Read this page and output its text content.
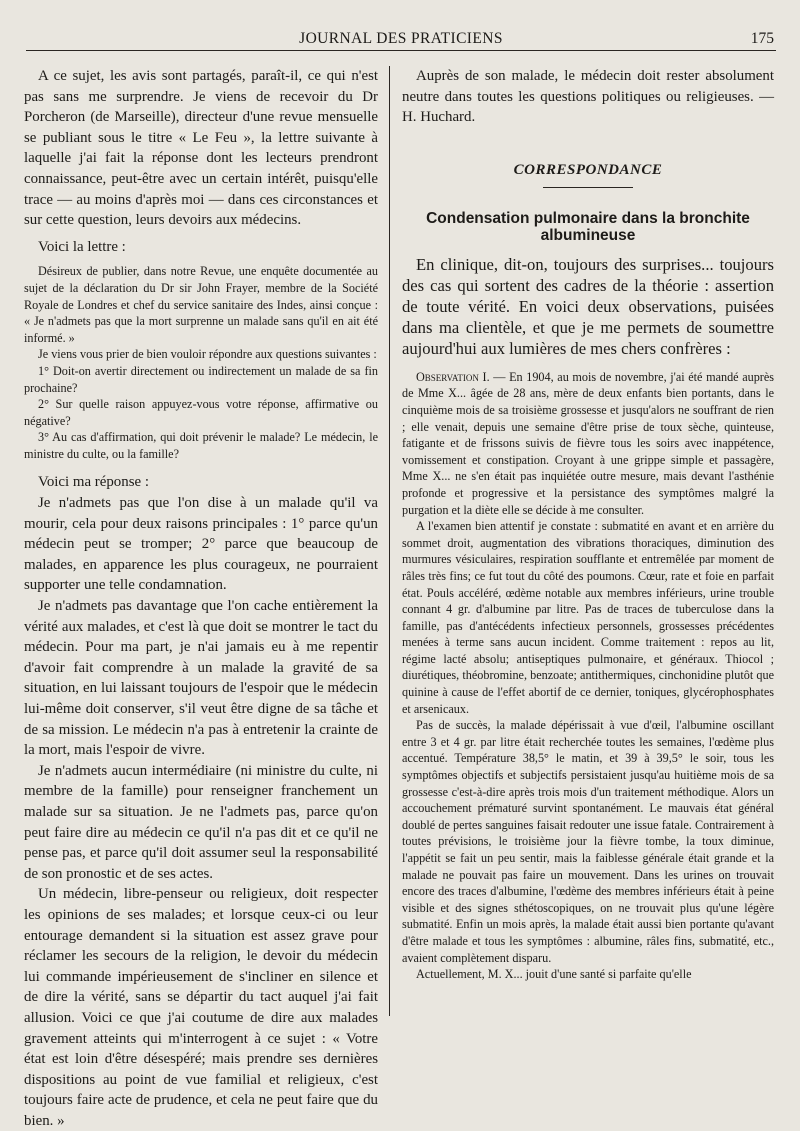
JOURNAL DES PRATICIENS	175

A ce sujet, les avis sont partagés, paraît-il, ce qui n'est pas sans me surprendre. Je viens de recevoir du Dr Porcheron (de Marseille), directeur d'une revue mensuelle se publiant sous le titre « Le Feu », la lettre suivante à laquelle j'ai fait la réponse dont les lecteurs prendront connaissance, peut-être avec un certain intérêt, puisqu'elle trace — au moins d'après moi — dans ces circonstances et sur cette question, leurs devoirs aux médecins.

Voici la lettre :

Désireux de publier, dans notre Revue, une enquête documentée au sujet de la déclaration du Dr sir John Frayer, membre de la Société Royale de Londres et chef du service sanitaire des Indes, ainsi conçue : « Je n'admets pas que la mort surprenne un malade sans qu'il en ait été informé. »

Je viens vous prier de bien vouloir répondre aux questions suivantes :

1° Doit-on avertir directement ou indirectement un malade de sa fin prochaine?

2° Sur quelle raison appuyez-vous votre réponse, affirmative ou négative?

3° Au cas d'affirmation, qui doit prévenir le malade? Le médecin, le ministre du culte, ou la famille?

Voici ma réponse :

Je n'admets pas que l'on dise à un malade qu'il va mourir, cela pour deux raisons principales : 1° parce qu'un médecin peut se tromper; 2° parce que beaucoup de malades, en apparence les plus courageux, ne pourraient supporter une telle condamnation.

Je n'admets pas davantage que l'on cache entièrement la vérité aux malades, et c'est là que doit se montrer le tact du médecin. Pour ma part, je n'ai jamais eu à me repentir d'avoir fait comprendre à un malade la gravité de sa situation, en lui laissant toujours de l'espoir que le médecin lui-même doit conserver, s'il veut être digne de sa tâche et de sa mission. Le médecin n'a pas à entretenir la crainte de la mort, mais l'espoir de vivre.

Je n'admets aucun intermédiaire (ni ministre du culte, ni membre de la famille) pour renseigner franchement un malade sur sa situation. Je ne l'admets pas, parce qu'on peut faire dire au médecin ce qu'il n'a pas dit et ce qu'il ne pense pas, et parce qu'il doit assumer seul la responsabilité de son pronostic et de ses actes.

Un médecin, libre-penseur ou religieux, doit respecter les opinions de ses malades; et lorsque ceux-ci ou leur entourage demandent si la situation est assez grave pour réclamer les secours de la religion, le devoir du médecin lui commande impérieusement de s'incliner en silence et de dire la vérité, sans se départir du tact auquel j'ai fait allusion. Voici ce que j'ai coutume de dire aux malades gravement atteints qui m'interrogent à ce sujet : « Votre état est loin d'être désespéré; mais prendre ses dernières dispositions au point de vue familial et religieux, c'est toujours faire acte de prudence, et cela ne peut faire que du bien. »

Auprès de son malade, le médecin doit rester absolument neutre dans toutes les questions politiques ou religieuses. — H. Huchard.

CORRESPONDANCE
Condensation pulmonaire dans la bronchite albumineuse

En clinique, dit-on, toujours des surprises... toujours des cas qui sortent des cadres de la théorie : assertion de toute vérité. En voici deux observations, puisées dans ma clientèle, et que je me permets de soumettre aujourd'hui aux lumières de mes chers confrères :

Observation I. — En 1904, au mois de novembre, j'ai été mandé auprès de Mme X... âgée de 28 ans, mère de deux enfants bien portants, dans le cinquième mois de sa troisième grossesse et jusqu'alors ne souffrant de rien ; elle venait, depuis une semaine d'être prise de toux sèche, quinteuse, fatigante et de frissons suivis de fièvre tous les soirs avec inappétence, vomissement et constipation. Croyant à une grippe simple et passagère, Mme X... ne s'en était pas inquiétée outre mesure, mais devant l'asthénie profonde et progressive et la persistance des symptômes malgré la purgation et la diète elle se décide à me consulter.

A l'examen bien attentif je constate : submatité en avant et en arrière du sommet droit, augmentation des vibrations thoraciques, diminution des murmures vésiculaires, respiration soufflante et entremêlée par moment de râles très fins; ce fut tout du côté des poumons. Cœur, rate et foie en parfait état. Pouls accéléré, œdème notable aux membres inférieurs, urine trouble connant 4 gr. d'albumine par litre. Pas de traces de tuberculose dans la famille, pas d'antécédents infectieux personnels, grossesses précédentes menées à terme sans aucun incident. Comme traitement : repos au lit, régime lacté absolu; antiseptiques pulmonaire, et généraux. Thiocol ; diurétiques, théobromine, benzoate; antithermiques, cinchonidine plutôt que quinine à cause de l'effet abortif de ce dernier, toniques, glycérophosphates et arsenicaux.

Pas de succès, la malade dépérissait à vue d'œil, l'albumine oscillant entre 3 et 4 gr. par litre était recherchée toutes les semaines, l'œdème plus accentué. Température 38,5° le matin, et 39 à 39,5° le soir, tous les symptômes objectifs et subjectifs persistaient jusqu'au huitième mois de sa grossesse c'est-à-dire après trois mois d'un traitement méthodique. Alors un accouchement prématuré survint spontanément. Le mauvais état général doublé de pertes sanguines faisait redouter une issue fatale. Contrairement à toutes prévisions, le troisième jour la fièvre tombe, la toux diminue, l'appétit se fait un peu sentir, mais la faiblesse générale était grande et la malade ne pouvait pas faire un mouvement. Dans les urines on trouvait encore des traces d'albumine, l'œdème des membres inférieurs était à peine visible et des signes sthétoscopiques, on ne trouvait plus qu'une légère submatité. Enfin un mois après, la malade était aussi bien portante qu'avant d'être malade et tous les symptômes : albumine, râles fins, submatité, etc., avaient complètement disparu.

Actuellement, M. X... jouit d'une santé si parfaite qu'elle
